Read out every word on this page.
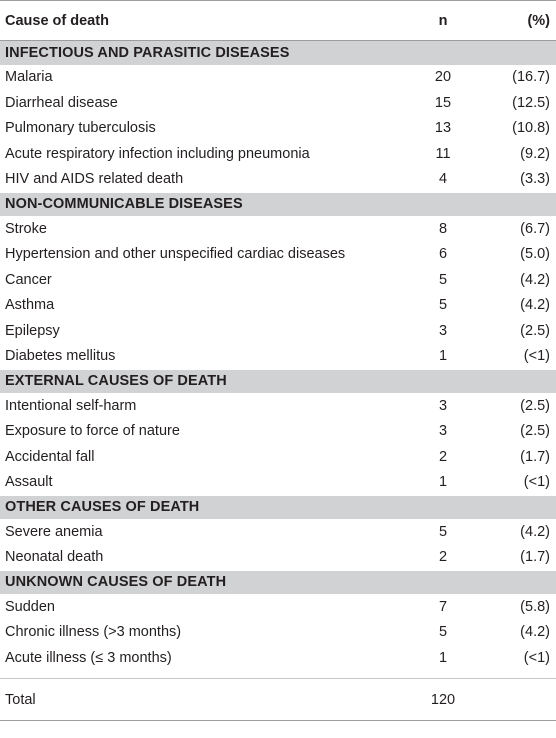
Cause of death	n	(%)
INFECTIOUS AND PARASITIC DISEASES		
Malaria	20	(16.7)
Diarrheal disease	15	(12.5)
Pulmonary tuberculosis	13	(10.8)
Acute respiratory infection including pneumonia	11	(9.2)
HIV and AIDS related death	4	(3.3)
NON-COMMUNICABLE DISEASES		
Stroke	8	(6.7)
Hypertension and other unspecified cardiac diseases	6	(5.0)
Cancer	5	(4.2)
Asthma	5	(4.2)
Epilepsy	3	(2.5)
Diabetes mellitus	1	(<1)
EXTERNAL CAUSES OF DEATH		
Intentional self-harm	3	(2.5)
Exposure to force of nature	3	(2.5)
Accidental fall	2	(1.7)
Assault	1	(<1)
OTHER CAUSES OF DEATH		
Severe anemia	5	(4.2)
Neonatal death	2	(1.7)
UNKNOWN CAUSES OF DEATH		
Sudden	7	(5.8)
Chronic illness (>3 months)	5	(4.2)
Acute illness (≤ 3 months)	1	(<1)

Total	120	
